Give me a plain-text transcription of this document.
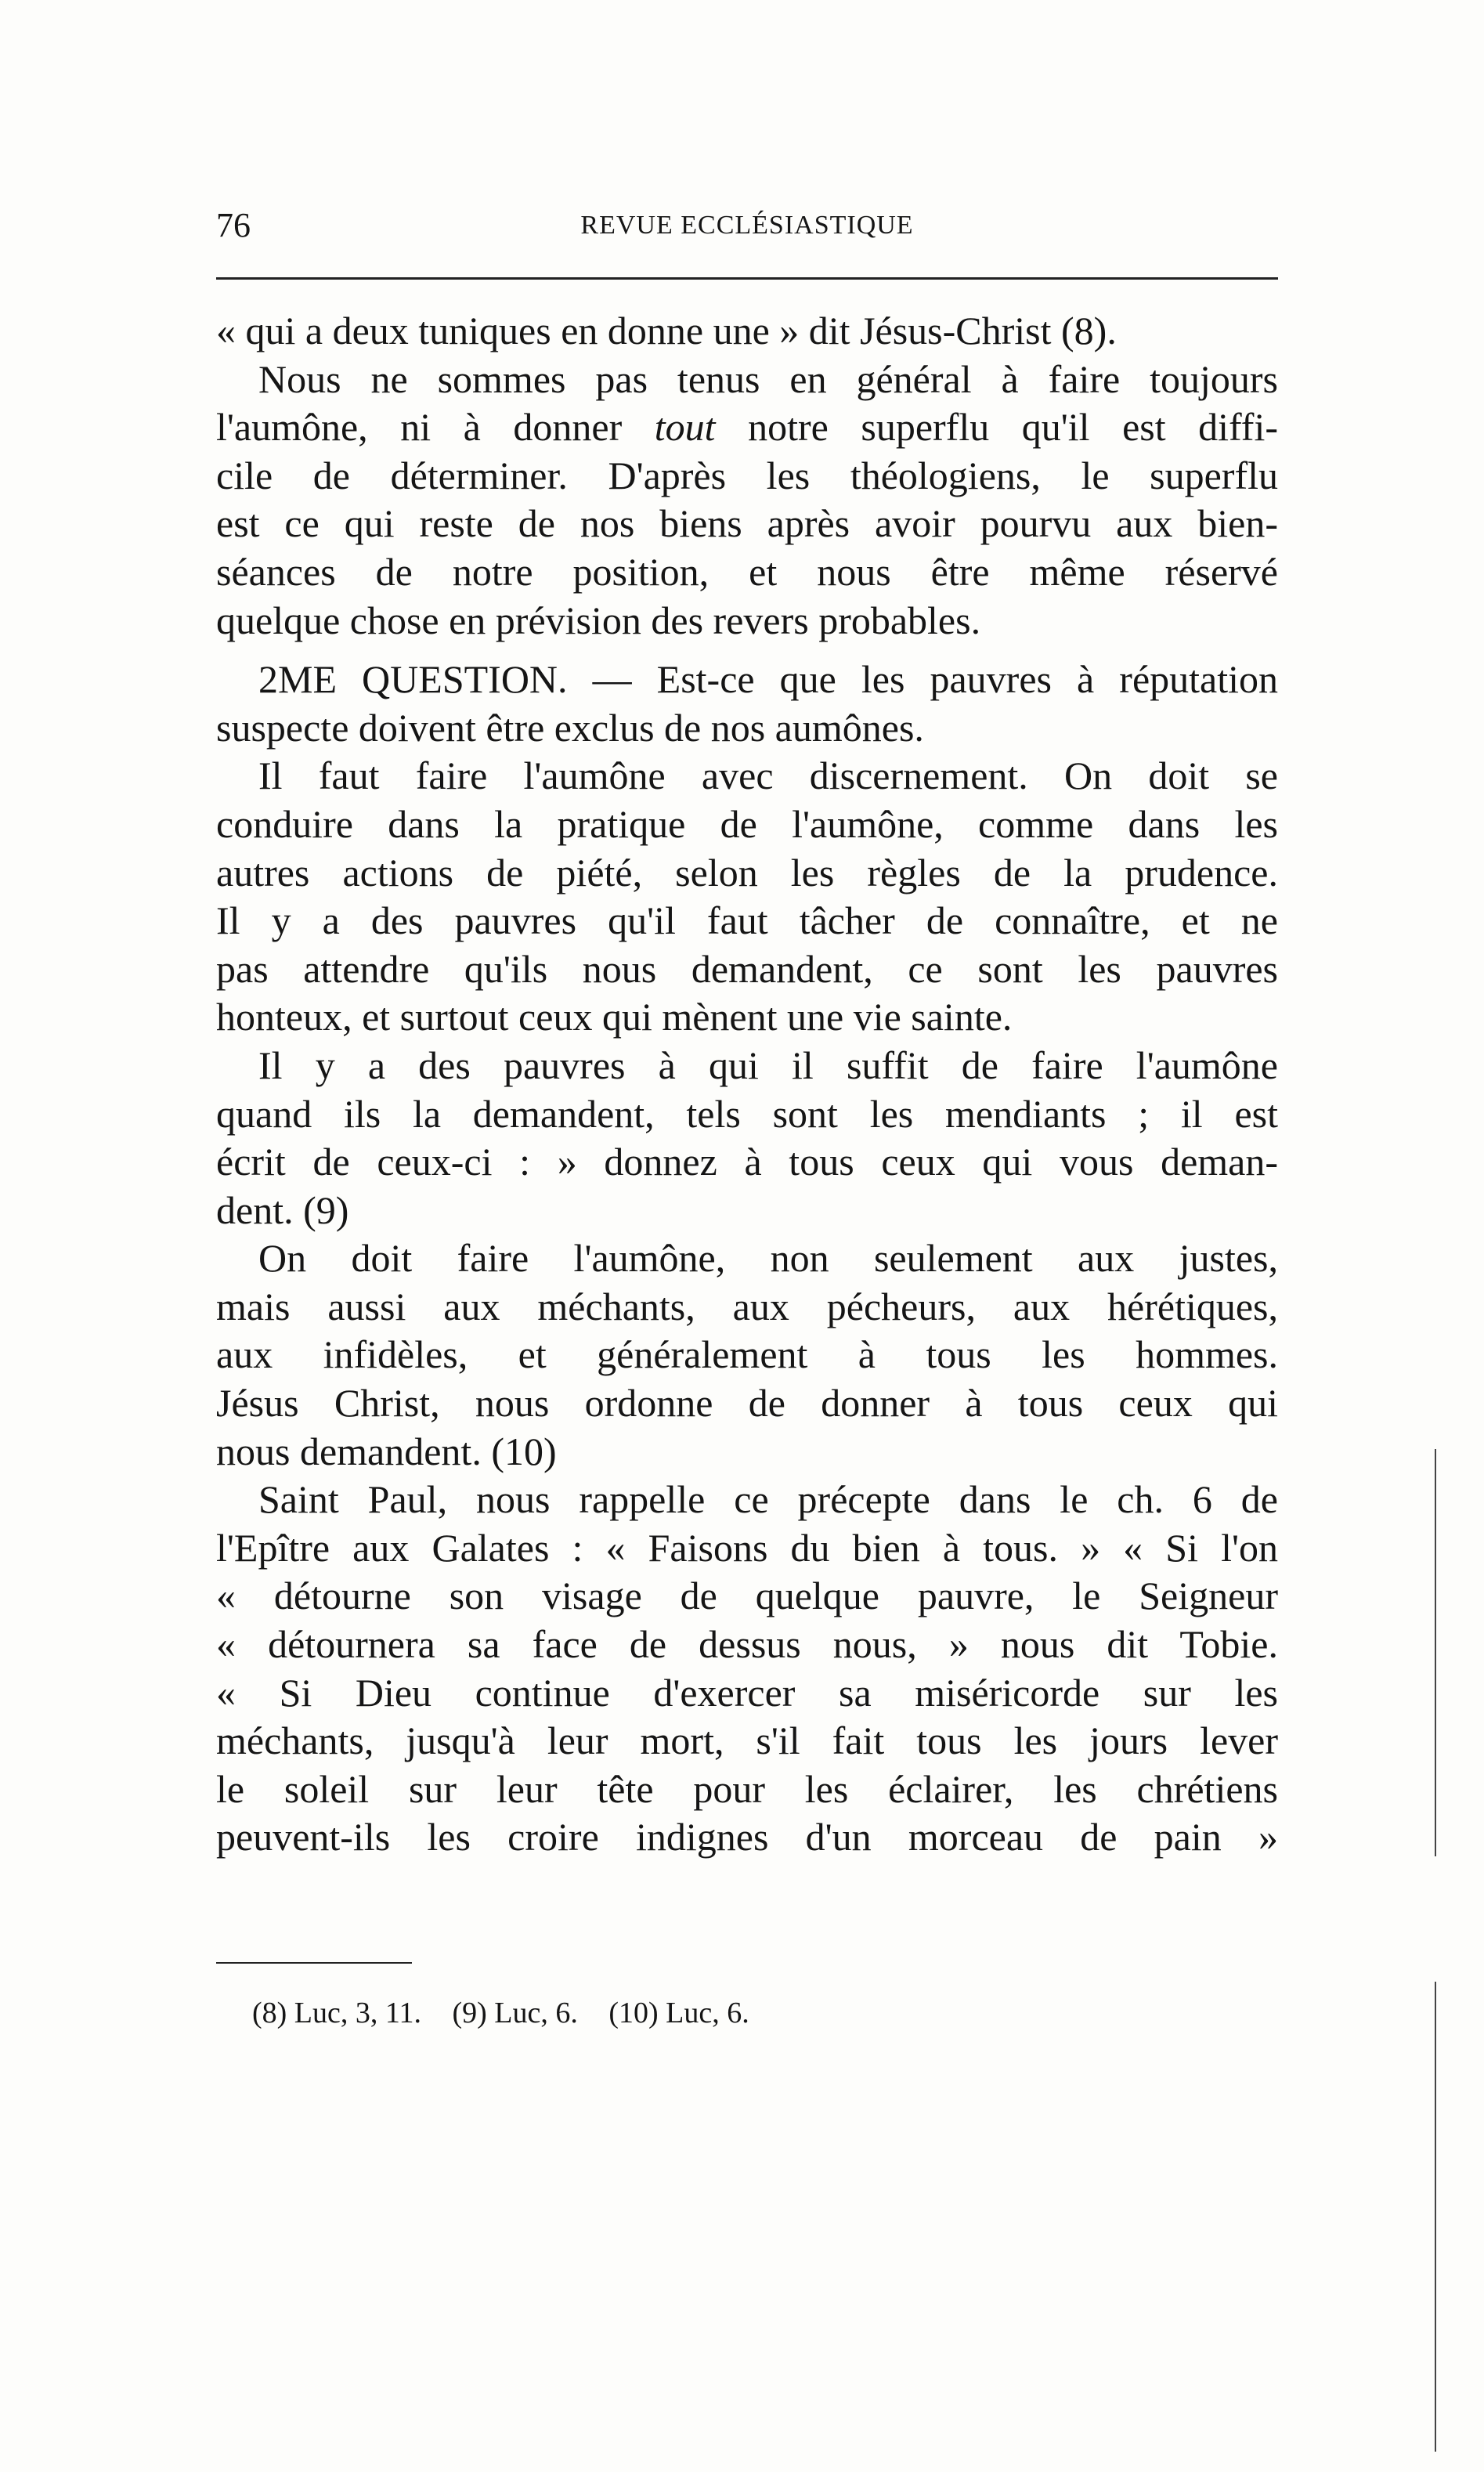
76	REVUE ECCLÉSIASTIQUE
« qui a deux tuniques en donne une » dit Jésus-Christ (8).
Nous ne sommes pas tenus en général à faire toujours
l'aumône, ni à donner tout notre superflu qu'il est diffi-
cile de déterminer. D'après les théologiens, le superflu
est ce qui reste de nos biens après avoir pourvu aux bien-
séances de notre position, et nous être même réservé
quelque chose en prévision des revers probables.
2ME QUESTION. — Est-ce que les pauvres à réputation
suspecte doivent être exclus de nos aumônes.
Il faut faire l'aumône avec discernement. On doit se
conduire dans la pratique de l'aumône, comme dans les
autres actions de piété, selon les règles de la prudence.
Il y a des pauvres qu'il faut tâcher de connaître, et ne
pas attendre qu'ils nous demandent, ce sont les pauvres
honteux, et surtout ceux qui mènent une vie sainte.
Il y a des pauvres à qui il suffit de faire l'aumône
quand ils la demandent, tels sont les mendiants ; il est
écrit de ceux-ci : » donnez à tous ceux qui vous deman-
dent. (9)
On doit faire l'aumône, non seulement aux justes,
mais aussi aux méchants, aux pécheurs, aux hérétiques,
aux infidèles, et généralement à tous les hommes.
Jésus Christ, nous ordonne de donner à tous ceux qui
nous demandent. (10)
Saint Paul, nous rappelle ce précepte dans le ch. 6 de
l'Epître aux Galates : « Faisons du bien à tous. » « Si l'on
« détourne son visage de quelque pauvre, le Seigneur
« détournera sa face de dessus nous, » nous dit Tobie.
« Si Dieu continue d'exercer sa miséricorde sur les
méchants, jusqu'à leur mort, s'il fait tous les jours lever
le soleil sur leur tête pour les éclairer, les chrétiens
peuvent-ils les croire indignes d'un morceau de pain »
(8) Luc, 3, 11. (9) Luc, 6. (10) Luc, 6.
